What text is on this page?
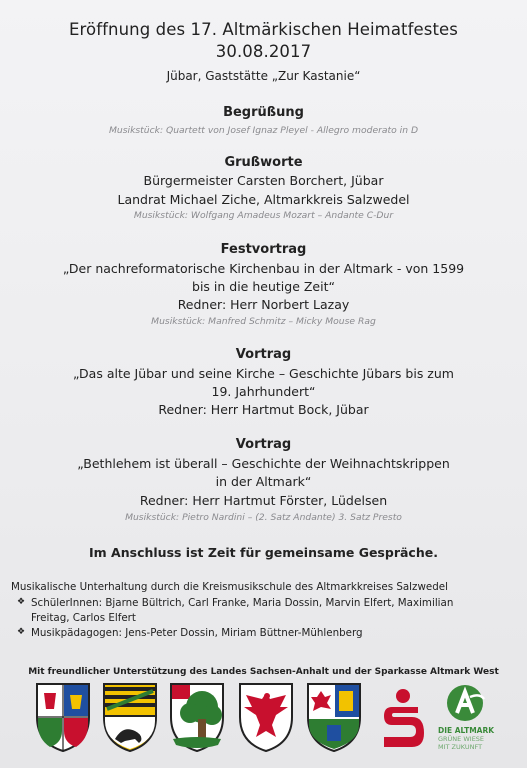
Eröffnung des 17. Altmärkischen Heimatfestes
30.08.2017
Jübar, Gaststätte „Zur Kastanie“
Begrüßung
Musikstück: Quartett von Josef Ignaz Pleyel - Allegro moderato in D
Grußworte
Bürgermeister Carsten Borchert, Jübar
Landrat Michael Ziche, Altmarkkreis Salzwedel
Musikstück: Wolfgang Amadeus Mozart – Andante C-Dur
Festvortrag
„Der nachreformatorische Kirchenbau in der Altmark - von 1599
bis in die heutige Zeit“
Redner: Herr Norbert Lazay
Musikstück: Manfred Schmitz – Micky Mouse Rag
Vortrag
„Das alte Jübar und seine Kirche – Geschichte Jübars bis zum
19. Jahrhundert“
Redner: Herr Hartmut Bock, Jübar
Vortrag
„Bethlehem ist überall – Geschichte der Weihnachtskrippen
in der Altmark“
Redner: Herr Hartmut Förster, Lüdelsen
Musikstück: Pietro Nardini – (2. Satz Andante) 3. Satz Presto
Im Anschluss ist Zeit für gemeinsame Gespräche.
Musikalische Unterhaltung durch die Kreismusikschule des Altmarkkreises Salzwedel
❖ SchülerInnen: Bjarne Bültrich, Carl Franke, Maria Dossin, Marvin Elfert, Maximilian
Freitag, Carlos Elfert
❖ Musikpädagogen: Jens-Peter Dossin, Miriam Büttner-Mühlenberg
Mit freundlicher Unterstützung des Landes Sachsen-Anhalt und der Sparkasse Altmark West
DIE ALTMARK
GRÜNE WIESE
MIT ZUKUNFT
